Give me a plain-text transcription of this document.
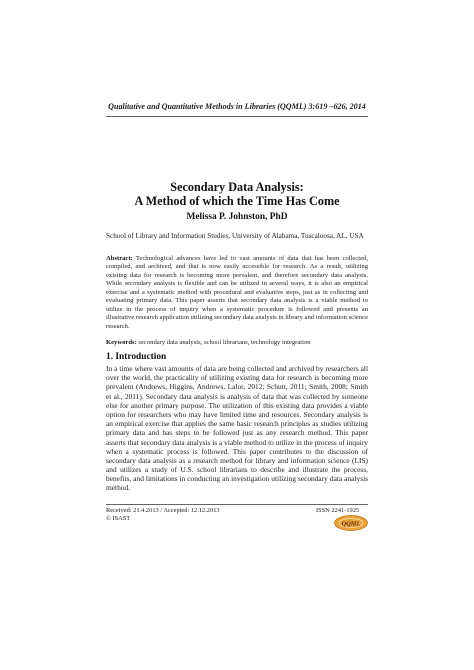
Qualitative and Quantitative Methods in Libraries (QQML) 3:619 –626, 2014
Secondary Data Analysis:
A Method of which the Time Has Come
Melissa P. Johnston, PhD
School of Library and Information Studies, University of Alabama, Tuscaloosa, AL, USA
Abstract: Technological advances have led to vast amounts of data that has been collected, compiled, and archived, and that is now easily accessible for research. As a result, utilizing existing data for research is becoming more prevalent, and therefore secondary data analysis. While secondary analysis is flexible and can be utilized in several ways, it is also an empirical exercise and a systematic method with procedural and evaluative steps, just as in collecting and evaluating primary data. This paper asserts that secondary data analysis is a viable method to utilize in the process of inquiry when a systematic procedure is followed and presents an illustrative research application utilizing secondary data analysis in library and information science research.
Keywords: secondary data analysis, school librarians, technology integration
1. Introduction
In a time where vast amounts of data are being collected and archived by researchers all over the world, the practicality of utilizing existing data for research is becoming more prevalent (Andrews, Higgins, Andrews, Lalor, 2012; Schutt, 2011; Smith, 2008; Smith et al., 2011). Secondary data analysis is analysis of data that was collected by someone else for another primary purpose. The utilization of this existing data provides a viable option for researchers who may have limited time and resources. Secondary analysis is an empirical exercise that applies the same basic research principles as studies utilizing primary data and has steps to be followed just as any research method. This paper asserts that secondary data analysis is a viable method to utilize in the process of inquiry when a systematic process is followed. This paper contributes to the discussion of secondary data analysis as a research method for library and information science (LIS) and utilizes a study of U.S. school librarians to describe and illustrate the process, benefits, and limitations in conducting an investigation utilizing secondary data analysis method.
Received: 21.4.2013 / Accepted: 12.12.2013
© ISAST
ISSN 2241-1925
QQML
